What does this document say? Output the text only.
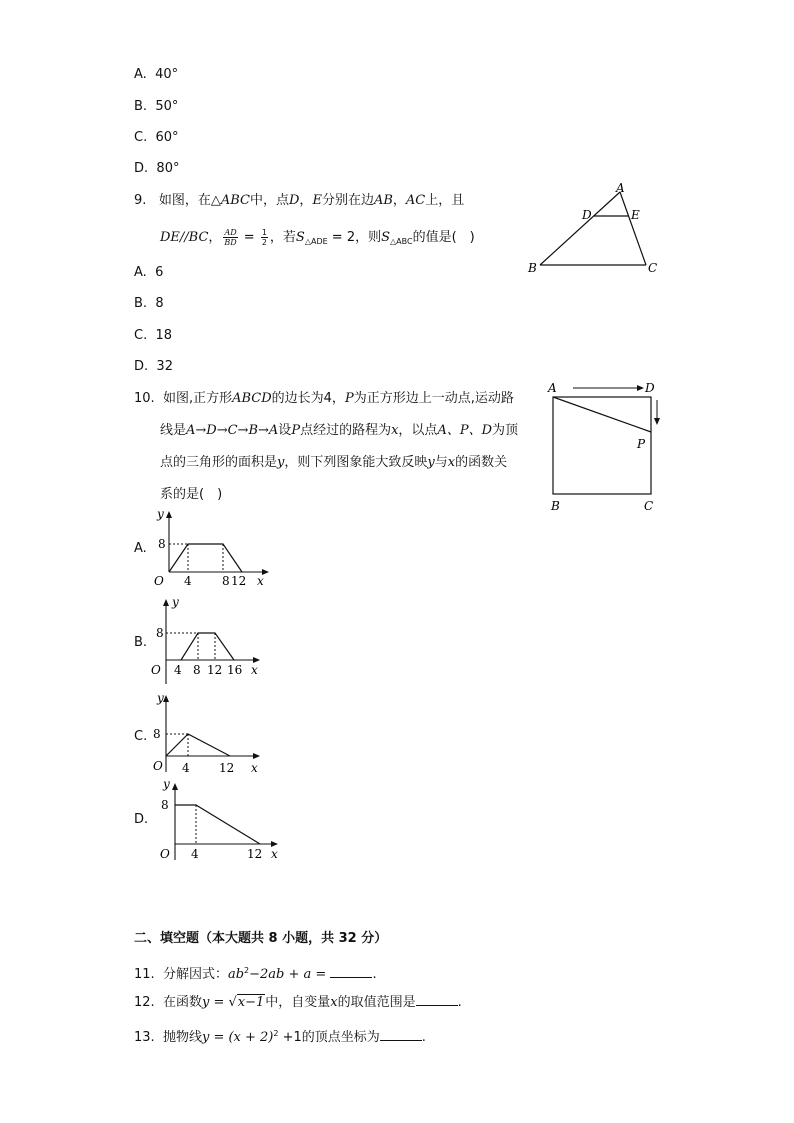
A. 40°
B. 50°
C. 60°
D. 80°
9. 如图，在△ABC中，点D，E分别在边AB，AC上，且
DE//BC， $\frac{AD}{BD} = \frac{1}{2}$ ，若$S_{\triangle ADE} = 2$，则$S_{\triangle ABC}$的值是(　)
A
D	E
B	C
A. 6
B. 8
C. 18
D. 32
10. 如图,正方形ABCD的边长为4，P为正方形边上一动点,运动路
线是A→D→C→B→A设P点经过的路程为x，以点A、P、D为顶
点的三角形的面积是y，则下列图象能大致反映y与x的函数关
系的是(　)
A	D
P
B	C
A.
y
8
O 4	8 12 x
B.
y
8
O 4 8 12 16 x
C.
y
8
O 4 12 x
D.
y
8
O 4	12 x
二、填空题（本大题共 8 小题，共 32 分）
11. 分解因式：$ab^2-2ab + a$ =	.
12. 在函数y = √x−1中，自变量x的取值范围是	.
13. 抛物线$y = (x + 2)^2 +1$的顶点坐标为	.
